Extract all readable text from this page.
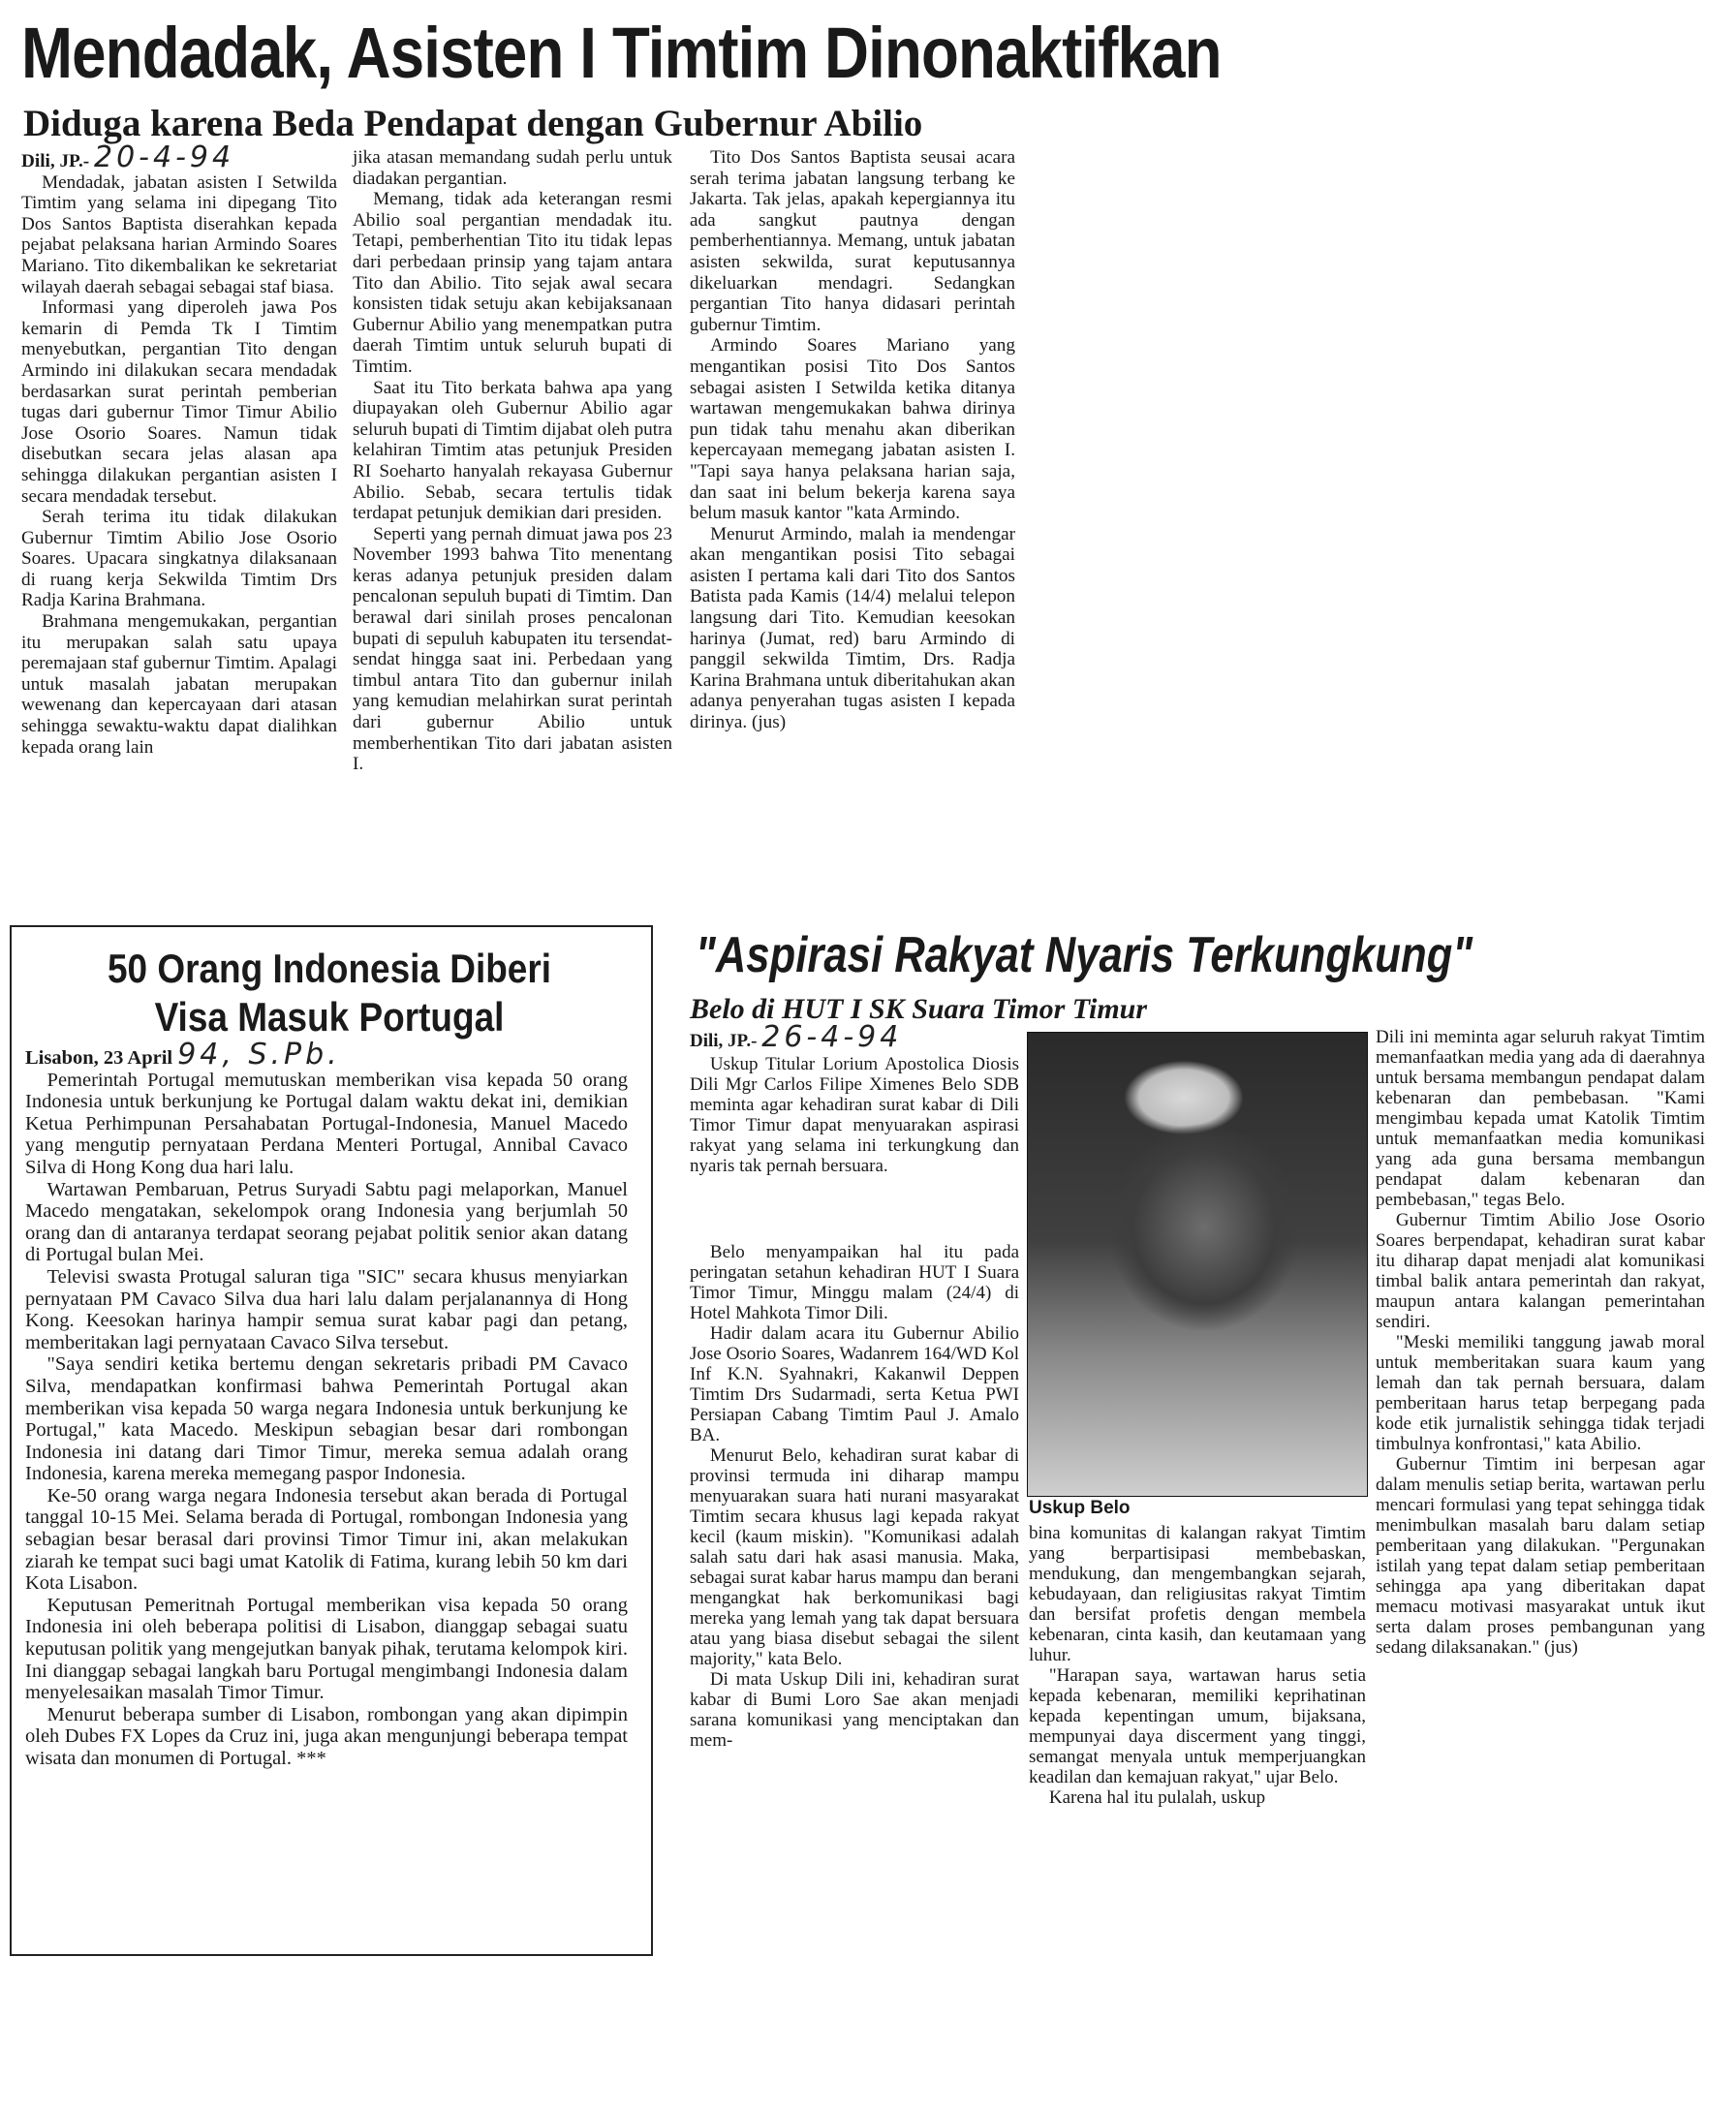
Mendadak, Asisten I Timtim Dinonaktifkan
Diduga karena Beda Pendapat dengan Gubernur Abilio

Dili, JP.- 20-4-94

Mendadak, jabatan asisten I Setwilda Timtim yang selama ini dipegang Tito Dos Santos Baptista diserahkan kepada pejabat pelaksana harian Armindo Soares Mariano. Tito dikembalikan ke sekretariat wilayah daerah sebagai sebagai staf biasa.

Informasi yang diperoleh jawa Pos kemarin di Pemda Tk I Timtim menyebutkan, pergantian Tito dengan Armindo ini dilakukan secara mendadak berdasarkan surat perintah pemberian tugas dari gubernur Timor Timur Abilio Jose Osorio Soares. Namun tidak disebutkan secara jelas alasan apa sehingga dilakukan pergantian asisten I secara mendadak tersebut.

Serah terima itu tidak dilakukan Gubernur Timtim Abilio Jose Osorio Soares. Upacara singkatnya dilaksanaan di ruang kerja Sekwilda Timtim Drs Radja Karina Brahmana.

Brahmana mengemukakan, pergantian itu merupakan salah satu upaya peremajaan staf gubernur Timtim. Apalagi untuk masalah jabatan merupakan wewenang dan kepercayaan dari atasan sehingga sewaktu-waktu dapat dialihkan kepada orang lain

jika atasan memandang sudah perlu untuk diadakan pergantian.

Memang, tidak ada keterangan resmi Abilio soal pergantian mendadak itu. Tetapi, pemberhentian Tito itu tidak lepas dari perbedaan prinsip yang tajam antara Tito dan Abilio. Tito sejak awal secara konsisten tidak setuju akan kebijaksanaan Gubernur Abilio yang menempatkan putra daerah Timtim untuk seluruh bupati di Timtim.

Saat itu Tito berkata bahwa apa yang diupayakan oleh Gubernur Abilio agar seluruh bupati di Timtim dijabat oleh putra kelahiran Timtim atas petunjuk Presiden RI Soeharto hanyalah rekayasa Gubernur Abilio. Sebab, secara tertulis tidak terdapat petunjuk demikian dari presiden.

Seperti yang pernah dimuat jawa pos 23 November 1993 bahwa Tito menentang keras adanya petunjuk presiden dalam pencalonan sepuluh bupati di Timtim. Dan berawal dari sinilah proses pencalonan bupati di sepuluh kabupaten itu tersendat-sendat hingga saat ini. Perbedaan yang timbul antara Tito dan gubernur inilah yang kemudian melahirkan surat perintah dari gubernur Abilio untuk memberhentikan Tito dari jabatan asisten I.

Tito Dos Santos Baptista seusai acara serah terima jabatan langsung terbang ke Jakarta. Tak jelas, apakah kepergiannya itu ada sangkut pautnya dengan pemberhentiannya. Memang, untuk jabatan asisten sekwilda, surat keputusannya dikeluarkan mendagri. Sedangkan pergantian Tito hanya didasari perintah gubernur Timtim.

Armindo Soares Mariano yang mengantikan posisi Tito Dos Santos sebagai asisten I Setwilda ketika ditanya wartawan mengemukakan bahwa dirinya pun tidak tahu menahu akan diberikan kepercayaan memegang jabatan asisten I. "Tapi saya hanya pelaksana harian saja, dan saat ini belum bekerja karena saya belum masuk kantor "kata Armindo.

Menurut Armindo, malah ia mendengar akan mengantikan posisi Tito sebagai asisten I pertama kali dari Tito dos Santos Batista pada Kamis (14/4) melalui telepon langsung dari Tito. Kemudian keesokan harinya (Jumat, red) baru Armindo di panggil sekwilda Timtim, Drs. Radja Karina Brahmana untuk diberitahukan akan adanya penyerahan tugas asisten I kepada dirinya. (jus)

50 Orang Indonesia Diberi
Visa Masuk Portugal

Lisabon, 23 April 94, S.Pb.

Pemerintah Portugal memutuskan memberikan visa kepada 50 orang Indonesia untuk berkunjung ke Portugal dalam waktu dekat ini, demikian Ketua Perhimpunan Persahabatan Portugal-Indonesia, Manuel Macedo yang mengutip pernyataan Perdana Menteri Portugal, Annibal Cavaco Silva di Hong Kong dua hari lalu.

Wartawan Pembaruan, Petrus Suryadi Sabtu pagi melaporkan, Manuel Macedo mengatakan, sekelompok orang Indonesia yang berjumlah 50 orang dan di antaranya terdapat seorang pejabat politik senior akan datang di Portugal bulan Mei.

Televisi swasta Protugal saluran tiga "SIC" secara khusus menyiarkan pernyataan PM Cavaco Silva dua hari lalu dalam perjalanannya di Hong Kong. Keesokan harinya hampir semua surat kabar pagi dan petang, memberitakan lagi pernyataan Cavaco Silva tersebut.

"Saya sendiri ketika bertemu dengan sekretaris pribadi PM Cavaco Silva, mendapatkan konfirmasi bahwa Pemerintah Portugal akan memberikan visa kepada 50 warga negara Indonesia untuk berkunjung ke Portugal," kata Macedo. Meskipun sebagian besar dari rombongan Indonesia ini datang dari Timor Timur, mereka semua adalah orang Indonesia, karena mereka memegang paspor Indonesia.

Ke-50 orang warga negara Indonesia tersebut akan berada di Portugal tanggal 10-15 Mei. Selama berada di Portugal, rombongan Indonesia yang sebagian besar berasal dari provinsi Timor Timur ini, akan melakukan ziarah ke tempat suci bagi umat Katolik di Fatima, kurang lebih 50 km dari Kota Lisabon.

Keputusan Pemeritnah Portugal memberikan visa kepada 50 orang Indonesia ini oleh beberapa politisi di Lisabon, dianggap sebagai suatu keputusan politik yang mengejutkan banyak pihak, terutama kelompok kiri. Ini dianggap sebagai langkah baru Portugal mengimbangi Indonesia dalam menyelesaikan masalah Timor Timur.

Menurut beberapa sumber di Lisabon, rombongan yang akan dipimpin oleh Dubes FX Lopes da Cruz ini, juga akan mengunjungi beberapa tempat wisata dan monumen di Portugal. ***

"Aspirasi Rakyat Nyaris Terkungkung"
Belo di HUT I SK Suara Timor Timur

Dili, JP.- 26-4-94

Uskup Titular Lorium Apostolica Diosis Dili Mgr Carlos Filipe Ximenes Belo SDB meminta agar kehadiran surat kabar di Dili Timor Timur dapat menyuarakan aspirasi rakyat yang selama ini terkungkung dan nyaris tak pernah bersuara.

Uskup Belo

Belo menyampaikan hal itu pada peringatan setahun kehadiran HUT I Suara Timor Timur, Minggu malam (24/4) di Hotel Mahkota Timor Dili.

Hadir dalam acara itu Gubernur Abilio Jose Osorio Soares, Wadanrem 164/WD Kol Inf K.N. Syahnakri, Kakanwil Deppen Timtim Drs Sudarmadi, serta Ketua PWI Persiapan Cabang Timtim Paul J. Amalo BA.

Menurut Belo, kehadiran surat kabar di provinsi termuda ini diharap mampu menyuarakan suara hati nurani masyarakat Timtim secara khusus lagi kepada rakyat kecil (kaum miskin). "Komunikasi adalah salah satu dari hak asasi manusia. Maka, sebagai surat kabar harus mampu dan berani mengangkat hak berkomunikasi bagi mereka yang lemah yang tak dapat bersuara atau yang biasa disebut sebagai the silent majority," kata Belo.

Di mata Uskup Dili ini, kehadiran surat kabar di Bumi Loro Sae akan menjadi sarana komunikasi yang menciptakan dan mem-

bina komunitas di kalangan rakyat Timtim yang berpartisipasi membebaskan, mendukung, dan mengembangkan sejarah, kebudayaan, dan religiusitas rakyat Timtim dan bersifat profetis dengan membela kebenaran, cinta kasih, dan keutamaan yang luhur.

"Harapan saya, wartawan harus setia kepada kebenaran, memiliki keprihatinan kepada kepentingan umum, bijaksana, mempunyai daya discerment yang tinggi, semangat menyala untuk memperjuangkan keadilan dan kemajuan rakyat," ujar Belo.

Karena hal itu pulalah, uskup

Dili ini meminta agar seluruh rakyat Timtim memanfaatkan media yang ada di daerahnya untuk bersama membangun pendapat dalam kebenaran dan pembebasan. "Kami mengimbau kepada umat Katolik Timtim untuk memanfaatkan media komunikasi yang ada guna bersama membangun pendapat dalam kebenaran dan pembebasan," tegas Belo.

Gubernur Timtim Abilio Jose Osorio Soares berpendapat, kehadiran surat kabar itu diharap dapat menjadi alat komunikasi timbal balik antara pemerintah dan rakyat, maupun antara kalangan pemerintahan sendiri.

"Meski memiliki tanggung jawab moral untuk memberitakan suara kaum yang lemah dan tak pernah bersuara, dalam pemberitaan harus tetap berpegang pada kode etik jurnalistik sehingga tidak terjadi timbulnya konfrontasi," kata Abilio.

Gubernur Timtim ini berpesan agar dalam menulis setiap berita, wartawan perlu mencari formulasi yang tepat sehingga tidak menimbulkan masalah baru dalam setiap pemberitaan yang dilakukan. "Pergunakan istilah yang tepat dalam setiap pemberitaan sehingga apa yang diberitakan dapat memacu motivasi masyarakat untuk ikut serta dalam proses pembangunan yang sedang dilaksanakan." (jus)
